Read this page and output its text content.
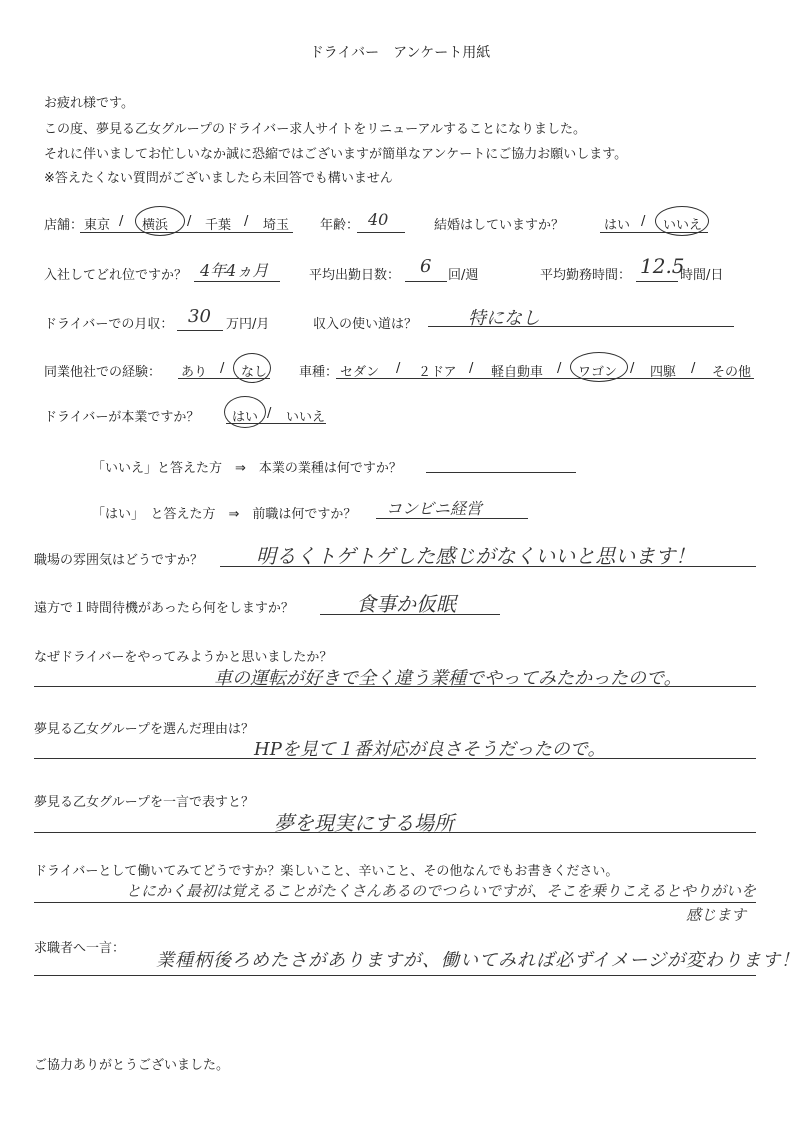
ドライバー　アンケート用紙
お疲れ様です。
この度、夢見る乙女グループのドライバー求人サイトをリニューアルすることになりました。
それに伴いましてお忙しいなか誠に恐縮ではございますが簡単なアンケートにご協力お願いします。
※答えたくない質問がございましたら未回答でも構いません
店舗： 東京 / 横浜 / 千葉 / 埼玉 年齢： 40	結婚はしていますか？	はい / いいえ
入社してどれ位ですか？ 4年4ヵ月	平均出勤日数： 6 回/週	平均勤務時間： 12.5
時間/日
ドライバーでの月収： 30 万円/月	収入の使い道は？	特になし
同業他社での経験： あり / なし 車種： セダン / ２ドア / 軽自動車 / ワゴン / 四駆 / その他
ドライバーが本業ですか？	はい / いいえ
「いいえ」と答えた方　⇒　本業の業種は何ですか？
「はい」　と答えた方　⇒　前職は何ですか？ コンビニ経営
職場の雰囲気はどうですか？	明るくトゲトゲした感じがなくいいと思います！
遠方で１時間待機があったら何をしますか？	食事か仮眠
なぜドライバーをやってみようかと思いましたか？
車の運転が好きで全く違う業種でやってみたかったので。
夢見る乙女グループを選んだ理由は？
HPを見て１番対応が良さそうだったので。
夢見る乙女グループを一言で表すと？
夢を現実にする場所
ドライバーとして働いてみてどうですか？楽しいこと、辛いこと、その他なんでもお書きください。
とにかく最初は覚えることがたくさんあるのでつらいですが、そこを乗りこえるとやりがいを
感じます
求職者へ一言：
業種柄後ろめたさがありますが、働いてみれば必ずイメージが変わります！
ご協力ありがとうございました。
